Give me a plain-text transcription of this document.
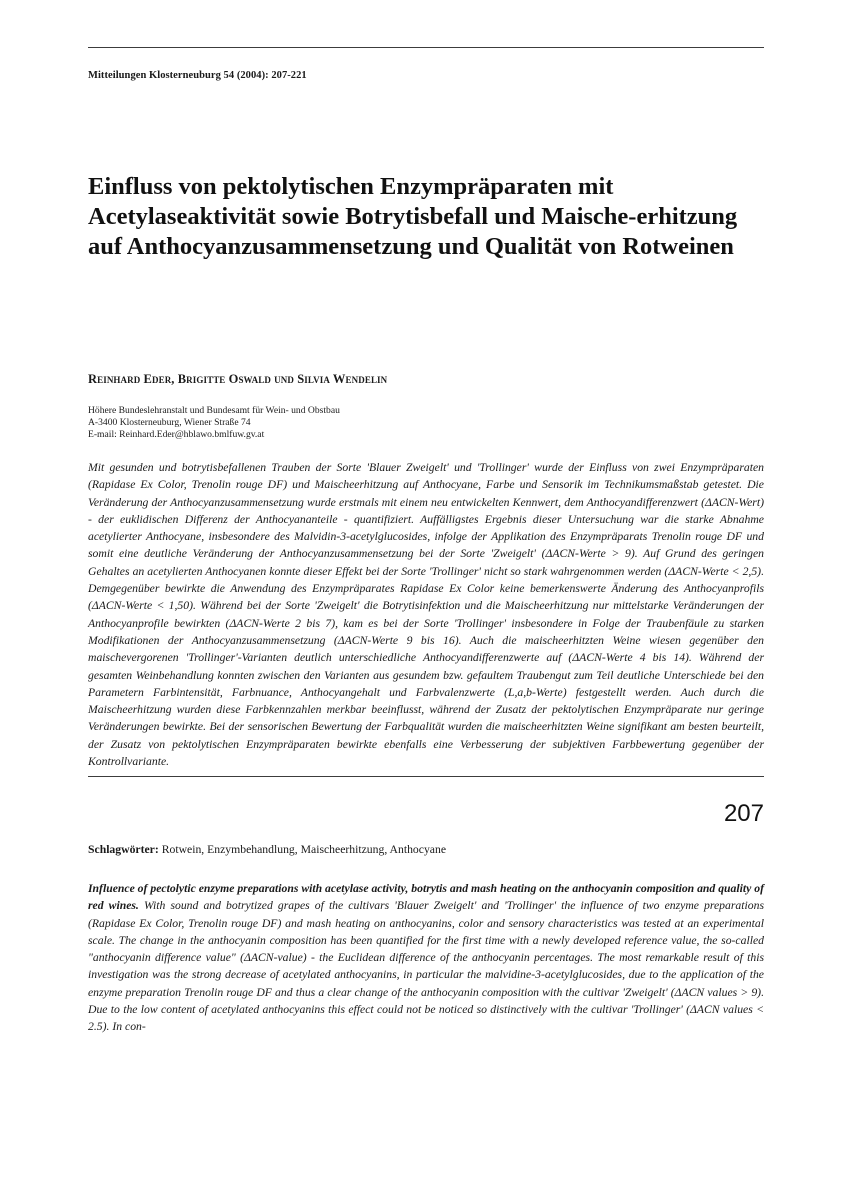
Mitteilungen Klosterneuburg 54 (2004): 207-221
Einfluss von pektolytischen Enzympräparaten mit Acetylaseaktivität sowie Botrytisbefall und Maische-erhitzung auf Anthocyanzusammensetzung und Qualität von Rotweinen
Reinhard Eder, Brigitte Oswald und Silvia Wendelin
Höhere Bundeslehranstalt und Bundesamt für Wein- und Obstbau
A-3400 Klosterneuburg, Wiener Straße 74
E-mail: Reinhard.Eder@hblawo.bmlfuw.gv.at

Mit gesunden und botrytisbefallenen Trauben der Sorte 'Blauer Zweigelt' und 'Trollinger' wurde der Einfluss von zwei Enzympräparaten (Rapidase Ex Color, Trenolin rouge DF) und Maischeerhitzung auf Anthocyane, Farbe und Sensorik im Technikumsmaßstab getestet. Die Veränderung der Anthocyanzusammensetzung wurde erstmals mit einem neu entwickelten Kennwert, dem Anthocyandifferenzwert (ΔACN-Wert) - der euklidischen Differenz der Anthocyananteile - quantifiziert. Auffälligstes Ergebnis dieser Untersuchung war die starke Abnahme acetylierter Anthocyane, insbesondere des Malvidin-3-acetylglucosides, infolge der Applikation des Enzympräparats Trenolin rouge DF und somit eine deutliche Veränderung der Anthocyanzusammensetzung bei der Sorte 'Zweigelt' (ΔACN-Werte > 9). Auf Grund des geringen Gehaltes an acetylierten Anthocyanen konnte dieser Effekt bei der Sorte 'Trollinger' nicht so stark wahrgenommen werden (ΔACN-Werte < 2,5). Demgegenüber bewirkte die Anwendung des Enzympräparates Rapidase Ex Color keine bemerkenswerte Änderung des Anthocyanprofils (ΔACN-Werte < 1,50). Während bei der Sorte 'Zweigelt' die Botrytisinfektion und die Maischeerhitzung nur mittelstarke Veränderungen der Anthocyanprofile bewirkten (ΔACN-Werte 2 bis 7), kam es bei der Sorte 'Trollinger' insbesondere in Folge der Traubenfäule zu starken Modifikationen der Anthocyanzusammensetzung (ΔACN-Werte 9 bis 16). Auch die maischeerhitzten Weine wiesen gegenüber den maischevergorenen 'Trollinger'-Varianten deutlich unterschiedliche Anthocyandifferenzwerte auf (ΔACN-Werte 4 bis 14). Während der gesamten Weinbehandlung konnten zwischen den Varianten aus gesundem bzw. gefaultem Traubengut zum Teil deutliche Unterschiede bei den Parametern Farbintensität, Farbnuance, Anthocyangehalt und Farbvalenzwerte (L,a,b-Werte) festgestellt werden. Auch durch die Maischeerhitzung wurden diese Farbkennzahlen merkbar beeinflusst, während der Zusatz der pektolytischen Enzympräparate nur geringe Veränderungen bewirkte. Bei der sensorischen Bewertung der Farbqualität wurden die maischeerhitzten Weine signifikant am besten beurteilt, der Zusatz von pektolytischen Enzympräparaten bewirkte ebenfalls eine Verbesserung der subjektiven Farbbewertung gegenüber der Kontrollvariante.

Schlagwörter: Rotwein, Enzymbehandlung, Maischeerhitzung, Anthocyane

Influence of pectolytic enzyme preparations with acetylase activity, botrytis and mash heating on the anthocyanin composition and quality of red wines. With sound and botrytized grapes of the cultivars 'Blauer Zweigelt' and 'Trollinger' the influence of two enzyme preparations (Rapidase Ex Color, Trenolin rouge DF) and mash heating on anthocyanins, color and sensory characteristics was tested at an experimental scale. The change in the anthocyanin composition has been quantified for the first time with a newly developed reference value, the so-called "anthocyanin difference value" (ΔACN-value) - the Euclidean difference of the anthocyanin percentages. The most remarkable result of this investigation was the strong decrease of acetylated anthocyanins, in particular the malvidine-3-acetylglucosides, due to the application of the enzyme preparation Trenolin rouge DF and thus a clear change of the anthocyanin composition with the cultivar 'Zweigelt' (ΔACN values > 9). Due to the low content of acetylated anthocyanins this effect could not be noticed so distinctively with the cultivar 'Trollinger' (ΔACN values < 2.5). In con-

207
